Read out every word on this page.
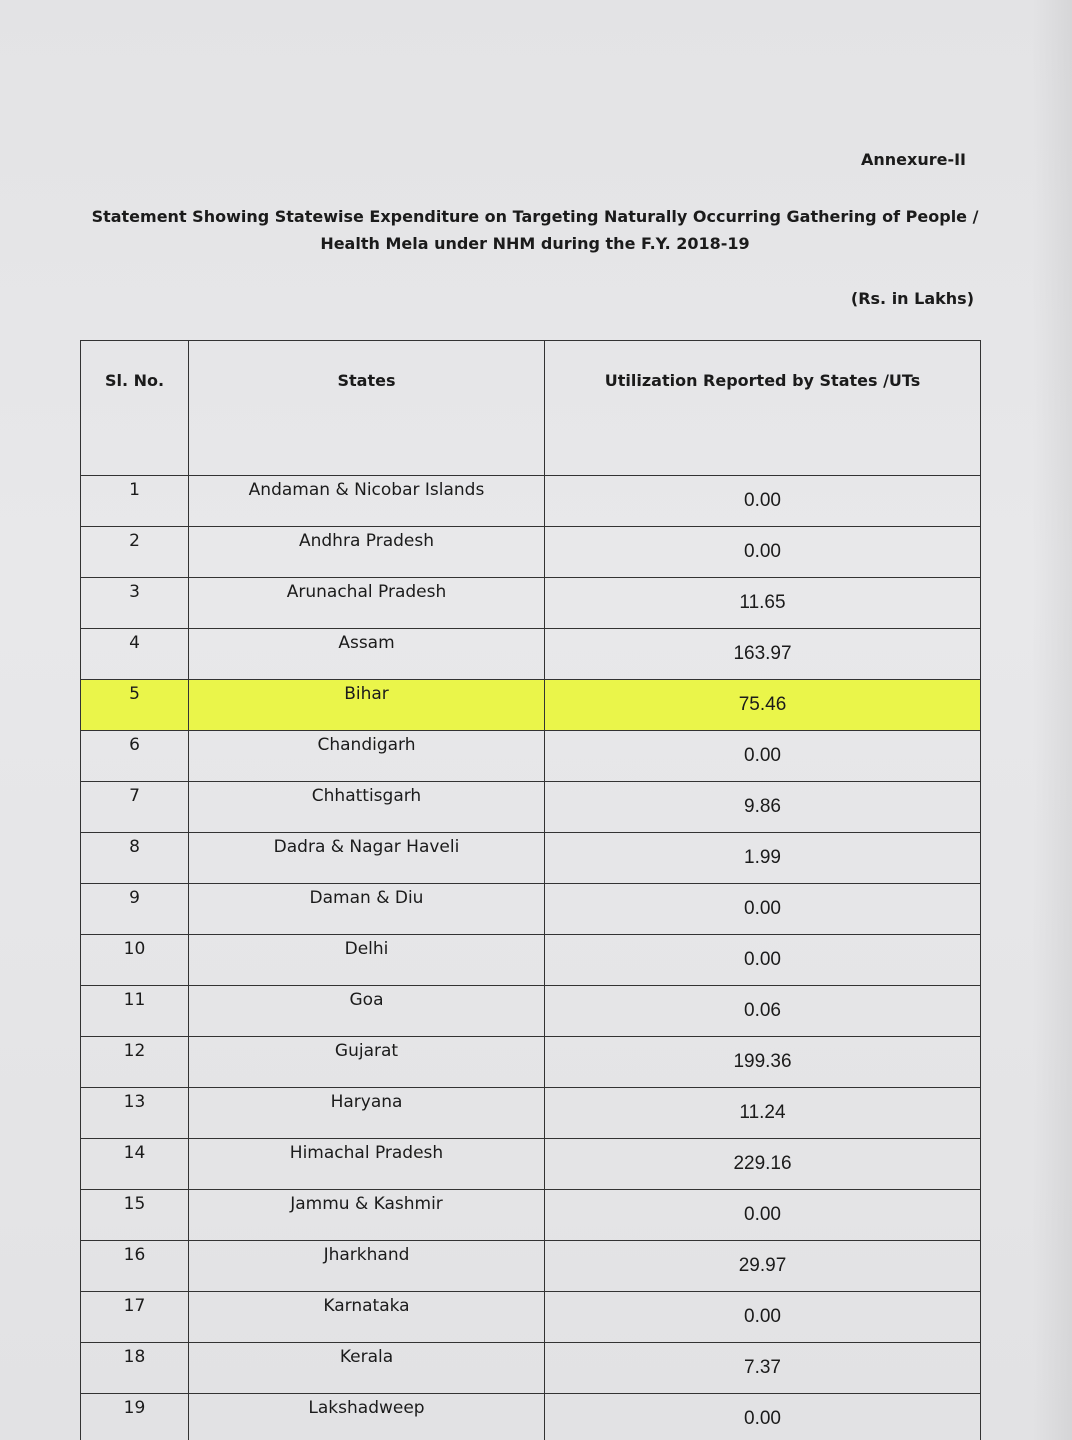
Annexure-II
Statement Showing Statewise Expenditure on Targeting Naturally Occurring Gathering of People /
Health Mela under NHM during the F.Y. 2018-19
(Rs. in Lakhs)
Sl. No.	States	Utilization Reported by States /UTs
1	Andaman & Nicobar Islands	0.00
2	Andhra Pradesh	0.00
3	Arunachal Pradesh	11.65
4	Assam	163.97
5	Bihar	75.46
6	Chandigarh	0.00
7	Chhattisgarh	9.86
8	Dadra & Nagar Haveli	1.99
9	Daman & Diu	0.00
10	Delhi	0.00
11	Goa	0.06
12	Gujarat	199.36
13	Haryana	11.24
14	Himachal Pradesh	229.16
15	Jammu & Kashmir	0.00
16	Jharkhand	29.97
17	Karnataka	0.00
18	Kerala	7.37
19	Lakshadweep	0.00
